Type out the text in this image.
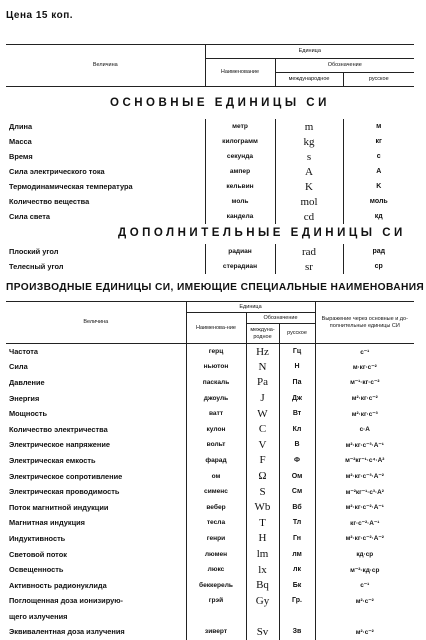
Цена 15 коп.
Величина	Единица		
	Наименование	Обозначение	
		международное	русское
ОСНОВНЫЕ ЕДИНИЦЫ СИ
Длина	метр	m	м
Масса	килограмм	kg	кг
Время	секунда	s	с
Сила электрического тока	ампер	A	A
Термодинамическая температура	кельвин	K	K
Количество вещества	моль	mol	моль
Сила света	кандела	cd	кд
ДОПОЛНИТЕЛЬНЫЕ ЕДИНИЦЫ СИ
Плоский угол	радиан	rad	рад
Телесный угол	стерадиан	sr	ср
ПРОИЗВОДНЫЕ ЕДИНИЦЫ СИ, ИМЕЮЩИЕ СПЕЦИАЛЬНЫЕ НАИМЕНОВАНИЯ
Величина	Единица			Выражение через основные и до-полнительные единицы СИ
	Наименова-ние	Обозначение		
		междуна-родное	русское	
Частота	герц	Hz	Гц	с⁻¹
Сила	ньютон	N	Н	м·кг·с⁻²
Давление	паскаль	Pa	Па	м⁻¹·кг·с⁻²
Энергия	джоуль	J	Дж	м²·кг·с⁻²
Мощность	ватт	W	Вт	м²·кг·с⁻³
Количество электричества	кулон	C	Кл	с·А
Электрическое напряжение	вольт	V	В	м²·кг·с⁻³·А⁻¹
Электрическая емкость	фарад	F	Ф	м⁻²кг⁻¹·с⁴·А²
Электрическое сопротивление	ом	Ω	Ом	м²·кг·с⁻³·А⁻²
Электрическая проводимость	сименс	S	См	м⁻²кг⁻¹·с³·А²
Поток магнитной индукции	вебер	Wb	Вб	м²·кг·с⁻²·А⁻¹
Магнитная индукция	тесла	T	Тл	кг·с⁻²·А⁻¹
Индуктивность	генри	H	Гн	м²·кг·с⁻²·А⁻²
Световой поток	люмен	lm	лм	кд·ср
Освещенность	люкс	lx	лк	м⁻²·кд·ср
Активность радионуклида	беккерель	Bq	Бк	с⁻¹
Поглощенная доза ионизирую-	грэй	Gy	Гр.	м²·с⁻²
щего излучения				
Эквивалентная доза излучения	зиверт	Sv	Зв	м²·с⁻²
